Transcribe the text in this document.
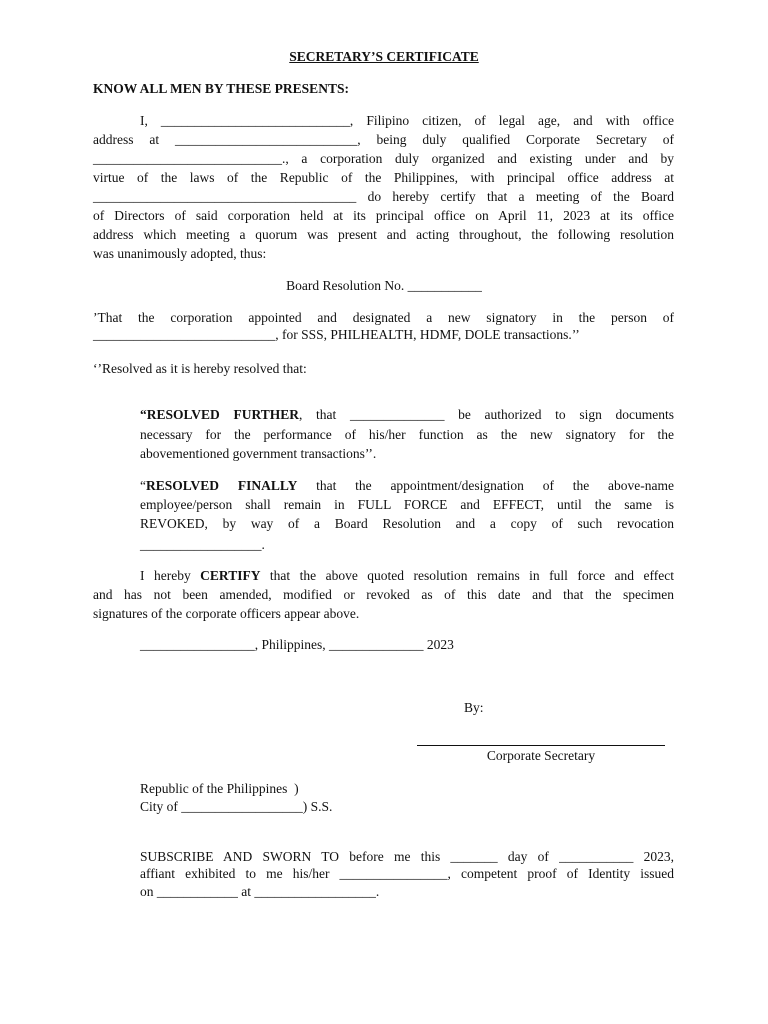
SECRETARY’S CERTIFICATE
KNOW ALL MEN BY THESE PRESENTS:
I, ____________________________, Filipino citizen, of legal age, and with office
address at ___________________________, being duly qualified Corporate Secretary of
____________________________., a corporation duly organized and existing under and by
virtue of the laws of the Republic of the Philippines, with principal office address at
_______________________________________ do hereby certify that a meeting of the Board
of Directors of said corporation held at its principal office on April 11, 2023 at its office
address which meeting a quorum was present and acting throughout, the following resolution
was unanimously adopted, thus:
Board Resolution No. ___________
’That the corporation appointed and designated a new signatory in the person of
___________________________, for SSS, PHILHEALTH, HDMF, DOLE transactions.’’
‘’Resolved as it is hereby resolved that:
“RESOLVED FURTHER, that ______________ be authorized to sign documents
necessary for the performance of his/her function as the new signatory for the
abovementioned government transactions’’.
“RESOLVED FINALLY that the appointment/designation of the above-name
employee/person shall remain in FULL FORCE and EFFECT, until the same is
REVOKED, by way of a Board Resolution and a copy of such revocation
__________________.
I hereby CERTIFY that the above quoted resolution remains in full force and effect
and has not been amended, modified or revoked as of this date and that the specimen
signatures of the corporate officers appear above.
_________________, Philippines, ______________ 2023
By:
Corporate Secretary
Republic of the Philippines  )
City of __________________) S.S.
SUBSCRIBE AND SWORN TO before me this _______ day of ___________ 2023,
affiant exhibited to me his/her ________________, competent proof of Identity issued
on ____________ at __________________.
